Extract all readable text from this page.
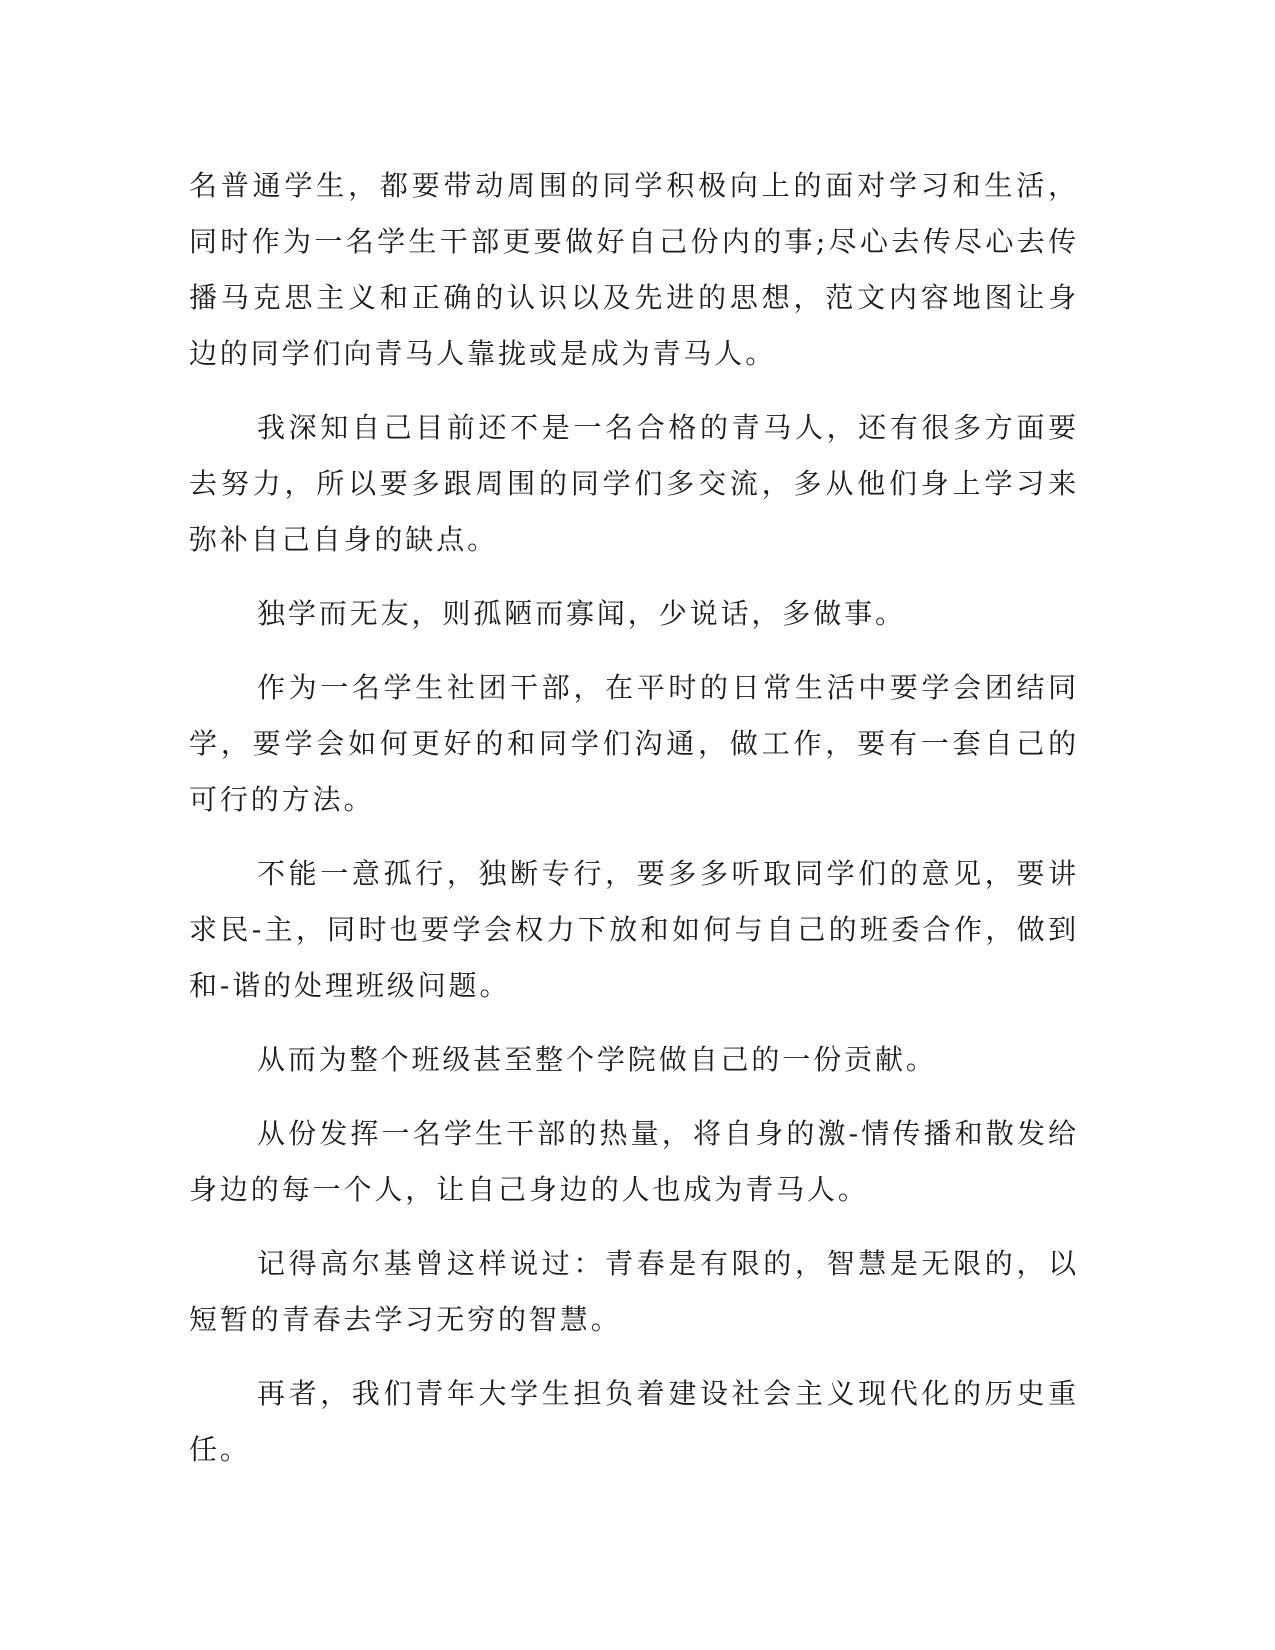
名普通学生，都要带动周围的同学积极向上的面对学习和生活，同时作为一名学生干部更要做好自己份内的事;尽心去传尽心去传播马克思主义和正确的认识以及先进的思想，范文内容地图让身边的同学们向青马人靠拢或是成为青马人。

我深知自己目前还不是一名合格的青马人，还有很多方面要去努力，所以要多跟周围的同学们多交流，多从他们身上学习来弥补自己自身的缺点。

独学而无友，则孤陋而寡闻，少说话，多做事。

作为一名学生社团干部，在平时的日常生活中要学会团结同学，要学会如何更好的和同学们沟通，做工作，要有一套自己的可行的方法。

不能一意孤行，独断专行，要多多听取同学们的意见，要讲求民-主，同时也要学会权力下放和如何与自己的班委合作，做到和-谐的处理班级问题。

从而为整个班级甚至整个学院做自己的一份贡献。

从份发挥一名学生干部的热量，将自身的激-情传播和散发给身边的每一个人，让自己身边的人也成为青马人。

记得高尔基曾这样说过：青春是有限的，智慧是无限的，以短暂的青春去学习无穷的智慧。

再者，我们青年大学生担负着建设社会主义现代化的历史重任。
